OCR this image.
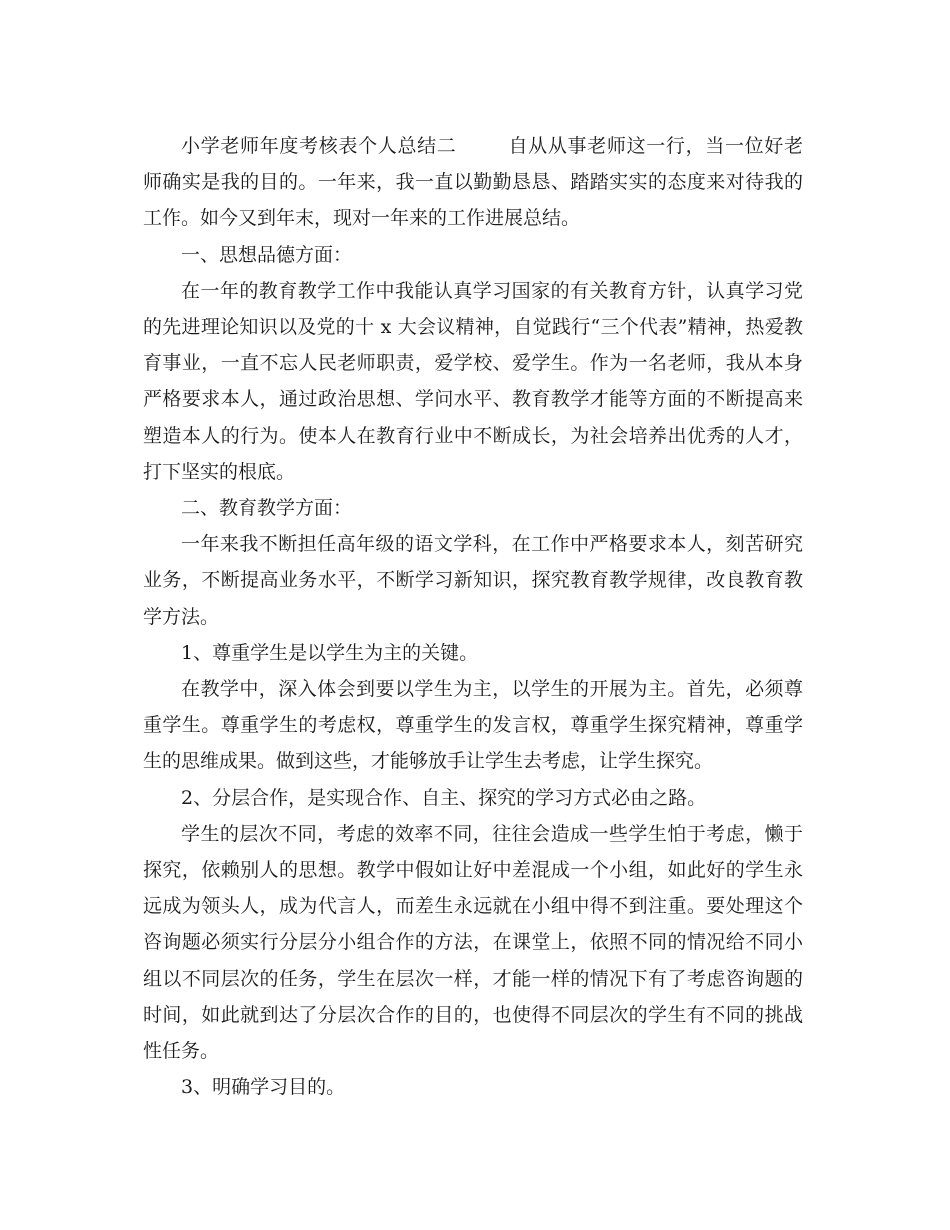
小学老师年度考核表个人总结二	自从从事老师这一行，当一位好老师确实是我的目的。一年来，我一直以勤勤恳恳、踏踏实实的态度来对待我的工作。如今又到年末，现对一年来的工作进展总结。

一、思想品德方面：

在一年的教育教学工作中我能认真学习国家的有关教育方针，认真学习党的先进理论知识以及党的十 x 大会议精神，自觉践行“三个代表”精神，热爱教育事业，一直不忘人民老师职责，爱学校、爱学生。作为一名老师，我从本身严格要求本人，通过政治思想、学问水平、教育教学才能等方面的不断提高来塑造本人的行为。使本人在教育行业中不断成长，为社会培养出优秀的人才，打下坚实的根底。

二、教育教学方面：

一年来我不断担任高年级的语文学科，在工作中严格要求本人，刻苦研究业务，不断提高业务水平，不断学习新知识，探究教育教学规律，改良教育教学方法。

1、尊重学生是以学生为主的关键。

在教学中，深入体会到要以学生为主，以学生的开展为主。首先，必须尊重学生。尊重学生的考虑权，尊重学生的发言权，尊重学生探究精神，尊重学生的思维成果。做到这些，才能够放手让学生去考虑，让学生探究。

2、分层合作，是实现合作、自主、探究的学习方式必由之路。

学生的层次不同，考虑的效率不同，往往会造成一些学生怕于考虑，懒于探究，依赖别人的思想。教学中假如让好中差混成一个小组，如此好的学生永远成为领头人，成为代言人，而差生永远就在小组中得不到注重。要处理这个咨询题必须实行分层分小组合作的方法，在课堂上，依照不同的情况给不同小组以不同层次的任务，学生在层次一样，才能一样的情况下有了考虑咨询题的时间，如此就到达了分层次合作的目的，也使得不同层次的学生有不同的挑战性任务。

3、明确学习目的。
